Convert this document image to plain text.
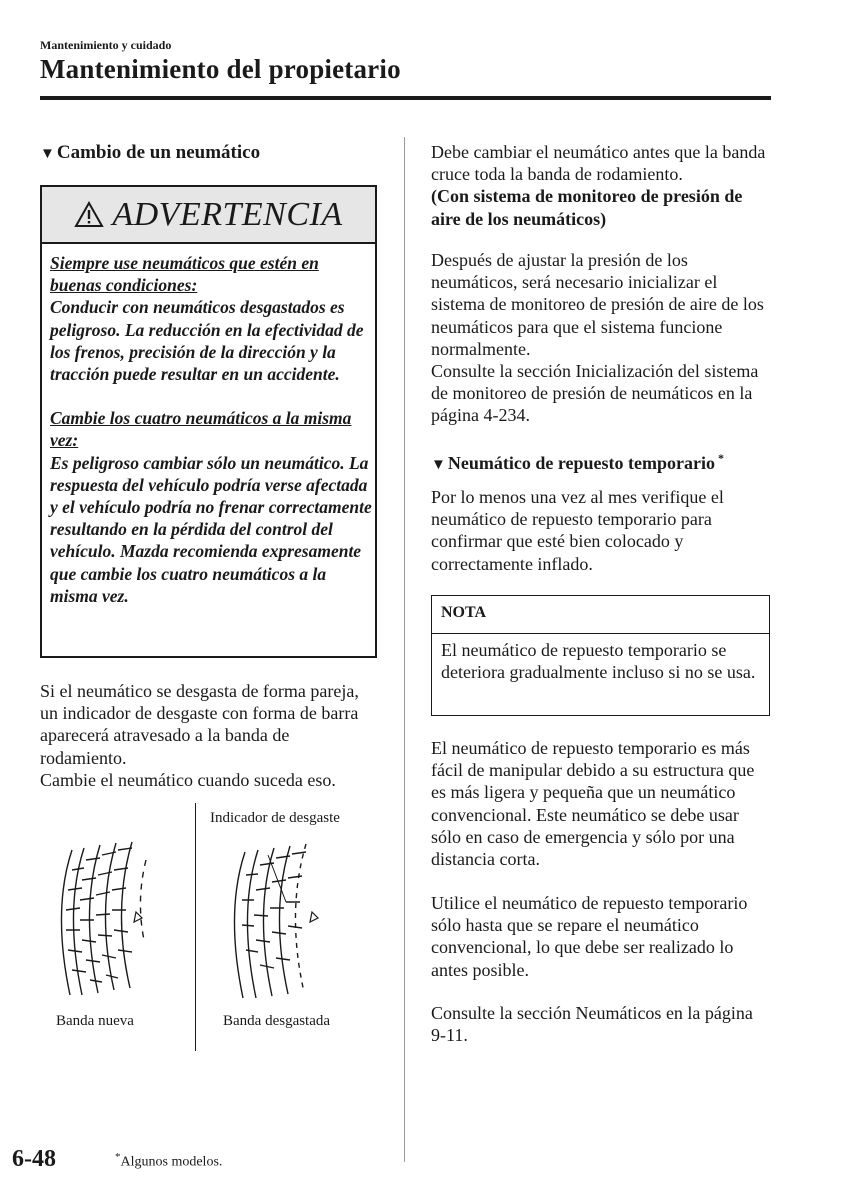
Mantenimiento y cuidado
Mantenimiento del propietario
▼ Cambio de un neumático
ADVERTENCIA

Siempre use neumáticos que estén en buenas condiciones:

Conducir con neumáticos desgastados es peligroso. La reducción en la efectividad de los frenos, precisión de la dirección y la tracción puede resultar en un accidente.

Cambie los cuatro neumáticos a la misma vez:

Es peligroso cambiar sólo un neumático. La respuesta del vehículo podría verse afectada y el vehículo podría no frenar correctamente resultando en la pérdida del control del vehículo. Mazda recomienda expresamente que cambie los cuatro neumáticos a la misma vez.

Si el neumático se desgasta de forma pareja, un indicador de desgaste con forma de barra aparecerá atravesado a la banda de rodamiento.

Cambie el neumático cuando suceda eso.

Indicador de desgaste
Banda nueva	Banda desgastada

Debe cambiar el neumático antes que la banda cruce toda la banda de rodamiento.

(Con sistema de monitoreo de presión de aire de los neumáticos)

Después de ajustar la presión de los neumáticos, será necesario inicializar el sistema de monitoreo de presión de aire de los neumáticos para que el sistema funcione normalmente.

Consulte la sección Inicialización del sistema de monitoreo de presión de neumáticos en la página 4-234.

▼ Neumático de repuesto temporario *

Por lo menos una vez al mes verifique el neumático de repuesto temporario para confirmar que esté bien colocado y correctamente inflado.

NOTA
El neumático de repuesto temporario se deteriora gradualmente incluso si no se usa.

El neumático de repuesto temporario es más fácil de manipular debido a su estructura que es más ligera y pequeña que un neumático convencional. Este neumático se debe usar sólo en caso de emergencia y sólo por una distancia corta.

Utilice el neumático de repuesto temporario sólo hasta que se repare el neumático convencional, lo que debe ser realizado lo antes posible.

Consulte la sección Neumáticos en la página 9-11.

6-48	*Algunos modelos.
